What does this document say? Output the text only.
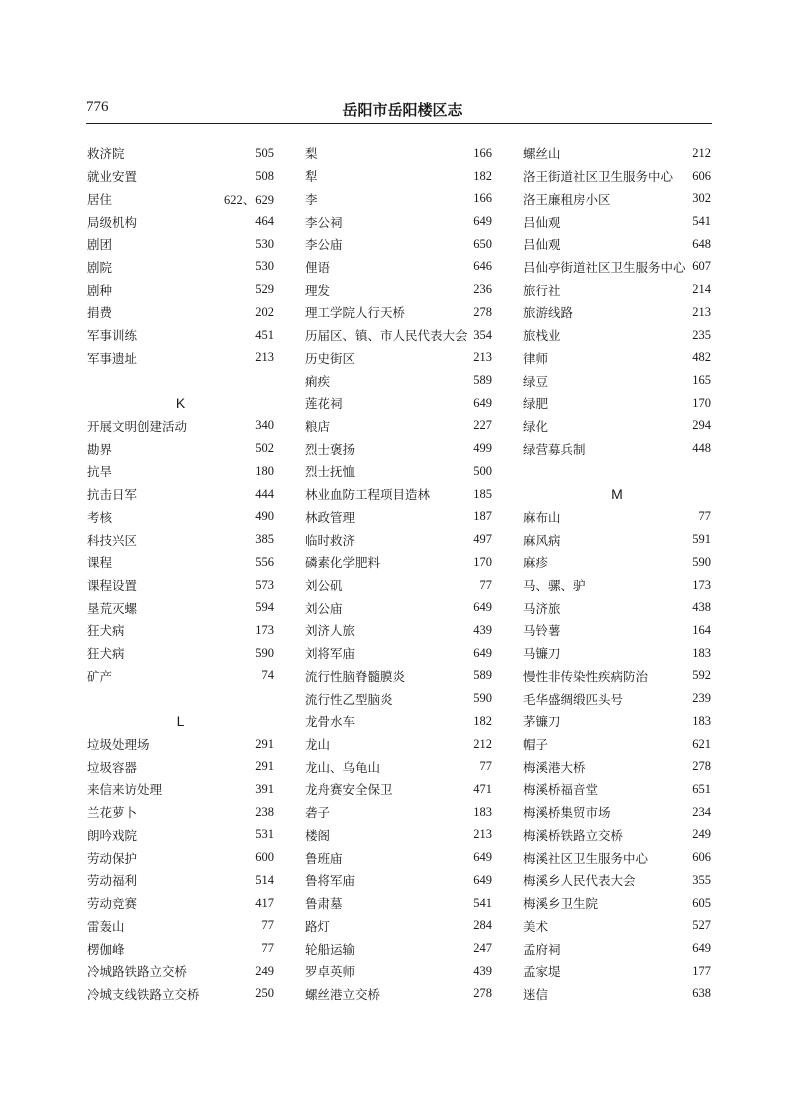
776	岳阳市岳阳楼区志
救济院	505
就业安置	508
居住	622、629
局级机构	464
剧团	530
剧院	530
剧种	529
捐费	202
军事训练	451
军事遗址	213
K
开展文明创建活动	340
勘界	502
抗旱	180
抗击日军	444
考核	490
科技兴区	385
课程	556
课程设置	573
垦荒灭螺	594
狂犬病	173
狂犬病	590
矿产	74
L
垃圾处理场	291
垃圾容器	291
来信来访处理	391
兰花萝卜	238
朗吟戏院	531
劳动保护	600
劳动福利	514
劳动竞赛	417
雷轰山	77
楞伽峰	77
冷城路铁路立交桥	249
冷城支线铁路立交桥	250
梨	166
犁	182
李	166
李公祠	649
李公庙	650
俚语	646
理发	236
理工学院人行天桥	278
历届区、镇、市人民代表大会 354
历史街区	213
痢疾	589
莲花祠	649
粮店	227
烈士褒扬	499
烈士抚恤	500
林业血防工程项目造林	185
林政管理	187
临时救济	497
磷素化学肥料	170
刘公矶	77
刘公庙	649
刘济人旅	439
刘将军庙	649
流行性脑脊髓膜炎	589
流行性乙型脑炎	590
龙骨水车	182
龙山	212
龙山、乌龟山	77
龙舟赛安全保卫	471
砻子	183
楼阁	213
鲁班庙	649
鲁将军庙	649
鲁肃墓	541
路灯	284
轮船运输	247
罗卓英师	439
螺丝港立交桥	278
螺丝山	212
洛王街道社区卫生服务中心 606
洛王廉租房小区	302
吕仙观	541
吕仙观	648
吕仙亭街道社区卫生服务中心 607
旅行社	214
旅游线路	213
旅栈业	235
律师	482
绿豆	165
绿肥	170
绿化	294
绿营募兵制	448
M
麻布山	77
麻风病	591
麻疹	590
马、骡、驴	173
马济旅	438
马铃薯	164
马镰刀	183
慢性非传染性疾病防治	592
毛华盛绸缎匹头号	239
茅镰刀	183
帽子	621
梅溪港大桥	278
梅溪桥福音堂	651
梅溪桥集贸市场	234
梅溪桥铁路立交桥	249
梅溪社区卫生服务中心	606
梅溪乡人民代表大会	355
梅溪乡卫生院	605
美术	527
孟府祠	649
孟家堤	177
迷信	638
